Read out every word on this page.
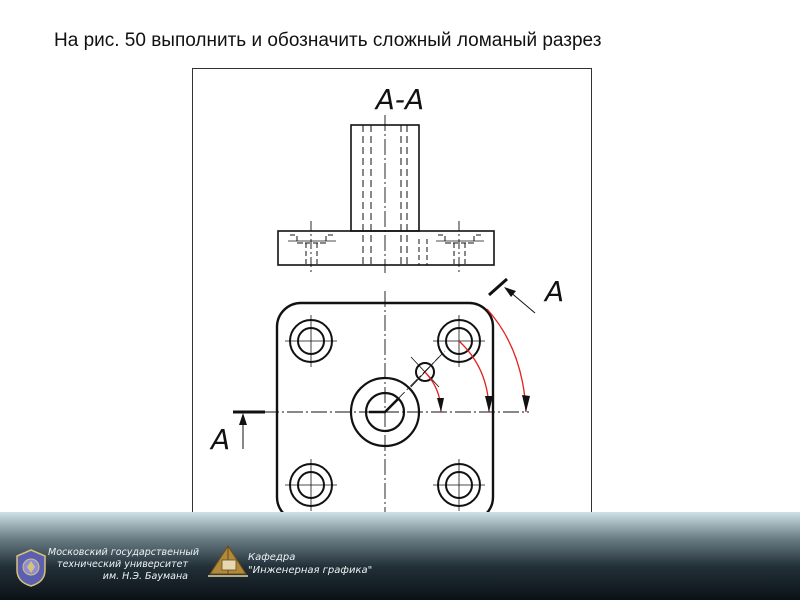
На рис. 50 выполнить и обозначить сложный ломаный разрез
А-А
А
А
Московский государственный
технический университет
им. Н.Э. Баумана
Кафедра
"Инженерная графика"
